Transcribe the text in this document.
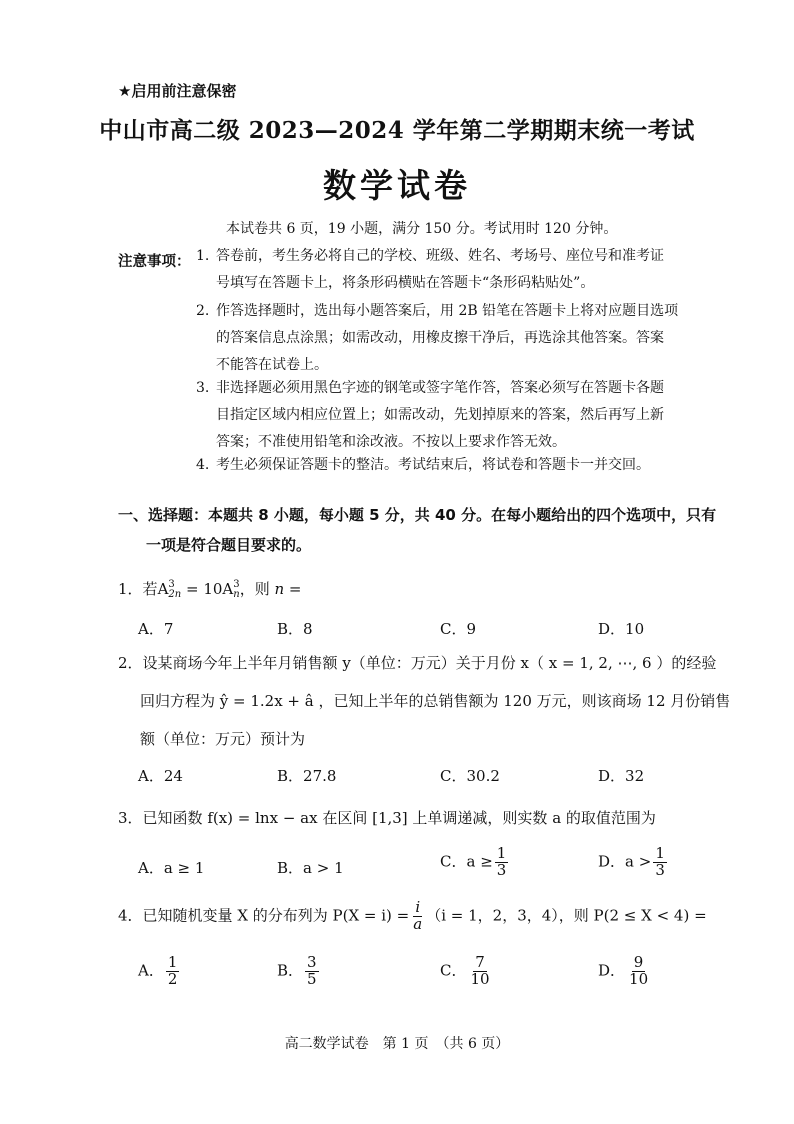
★启用前注意保密
中山市高二级 2023—2024 学年第二学期期末统一考试
数学试卷
本试卷共 6 页，19 小题，满分 150 分。考试用时 120 分钟。
注意事项： 1. 答卷前，考生务必将自己的学校、班级、姓名、考场号、座位号和准考证
号填写在答题卡上，将条形码横贴在答题卡“条形码粘贴处”。
2. 作答选择题时，选出每小题答案后，用 2B 铅笔在答题卡上将对应题目选项
的答案信息点涂黑；如需改动，用橡皮擦干净后，再选涂其他答案。答案
不能答在试卷上。
3. 非选择题必须用黑色字迹的钢笔或签字笔作答，答案必须写在答题卡各题
目指定区域内相应位置上；如需改动，先划掉原来的答案，然后再写上新
答案；不准使用铅笔和涂改液。不按以上要求作答无效。
4. 考生必须保证答题卡的整洁。考试结束后，将试卷和答题卡一并交回。
一、选择题：本题共 8 小题，每小题 5 分，共 40 分。在每小题给出的四个选项中，只有
一项是符合题目要求的。
1．若A 3
2n = 10A 3
n ，则 n =
A．7	B．8	C．9	D．10
2．设某商场今年上半年月销售额 y（单位：万元）关于月份 x（ x = 1, 2, ⋯, 6 ）的经验
回归方程为 ŷ = 1.2x + â ，已知上半年的总销售额为 120 万元，则该商场 12 月份销售
额（单位：万元）预计为
A．24	B．27.8	C．30.2	D．32
3．已知函数 f(x) = lnx − ax 在区间 [1,3] 上单调递减，则实数 a 的取值范围为
A．a ≥ 1	B．a > 1	C．$a \ge \frac{1}{3}$	D．$a > \frac{1}{3}$
4．已知随机变量 X 的分布列为 $P(X = i) = \frac{i}{a} (i = 1$，2，3，4），则 P(2 ≤ X < 4) =
A． $\frac{1}{2}$	B． $\frac{3}{5}$	C． $\frac{7}{10}$	D． $\frac{9}{10}$
高二数学试卷　第 1 页　（共 6 页）
